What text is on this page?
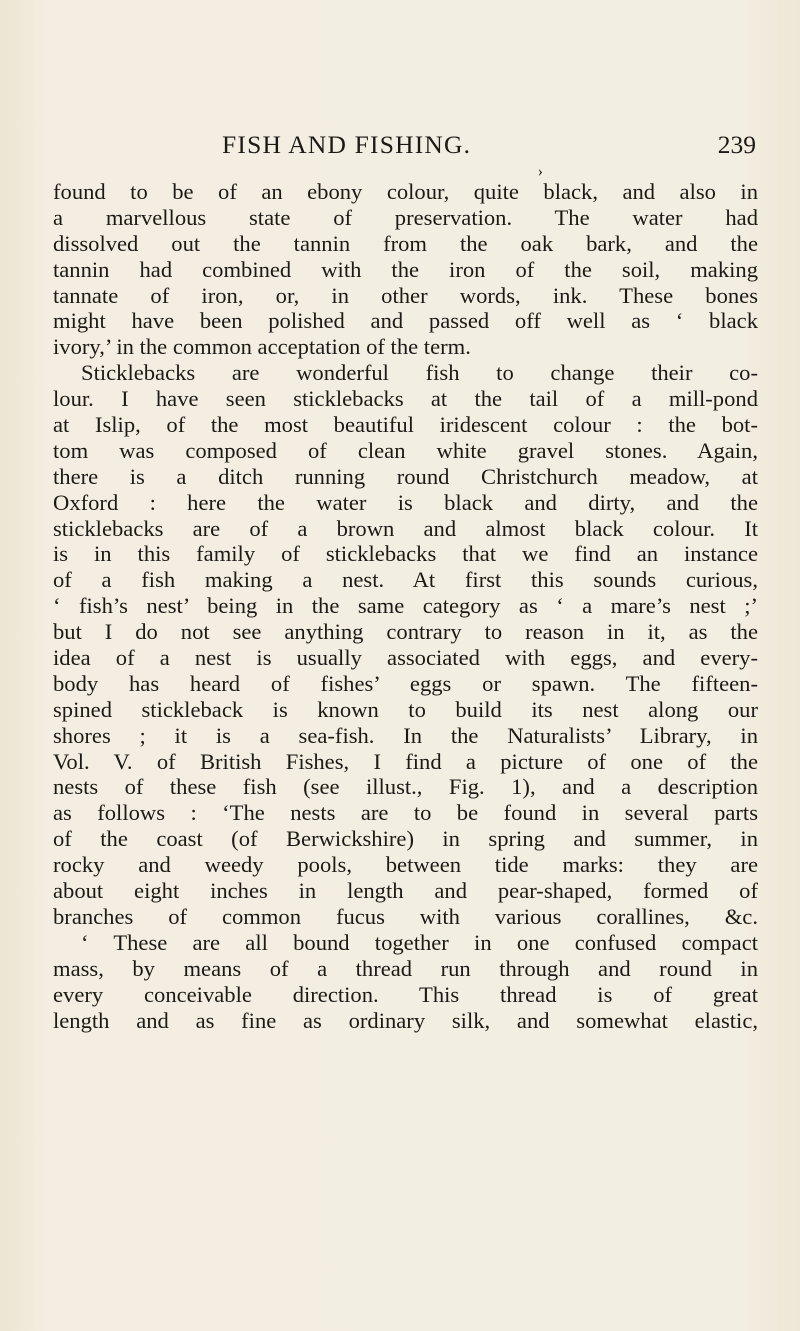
FISH AND FISHING.	239
›
found to be of an ebony colour, quite black, and also in
a marvellous state of preservation. The water had
dissolved out the tannin from the oak bark, and the
tannin had combined with the iron of the soil, making
tannate of iron, or, in other words, ink. These bones
might have been polished and passed off well as ‘ black
ivory,’ in the common acceptation of the term.
Sticklebacks are wonderful fish to change their co-
lour. I have seen sticklebacks at the tail of a mill-pond
at Islip, of the most beautiful iridescent colour : the bot-
tom was composed of clean white gravel stones. Again,
there is a ditch running round Christchurch meadow, at
Oxford : here the water is black and dirty, and the
sticklebacks are of a brown and almost black colour. It
is in this family of sticklebacks that we find an instance
of a fish making a nest. At first this sounds curious,
‘ fish’s nest’ being in the same category as ‘ a mare’s nest ;’
but I do not see anything contrary to reason in it, as the
idea of a nest is usually associated with eggs, and every-
body has heard of fishes’ eggs or spawn. The fifteen-
spined stickleback is known to build its nest along our
shores ; it is a sea-fish. In the Naturalists’ Library, in
Vol. V. of British Fishes, I find a picture of one of the
nests of these fish (see illust., Fig. 1), and a description
as follows : ‘The nests are to be found in several parts
of the coast (of Berwickshire) in spring and summer, in
rocky and weedy pools, between tide marks: they are
about eight inches in length and pear-shaped, formed of
branches of common fucus with various corallines, &c.
‘ These are all bound together in one confused compact
mass, by means of a thread run through and round in
every conceivable direction. This thread is of great
length and as fine as ordinary silk, and somewhat elastic,
